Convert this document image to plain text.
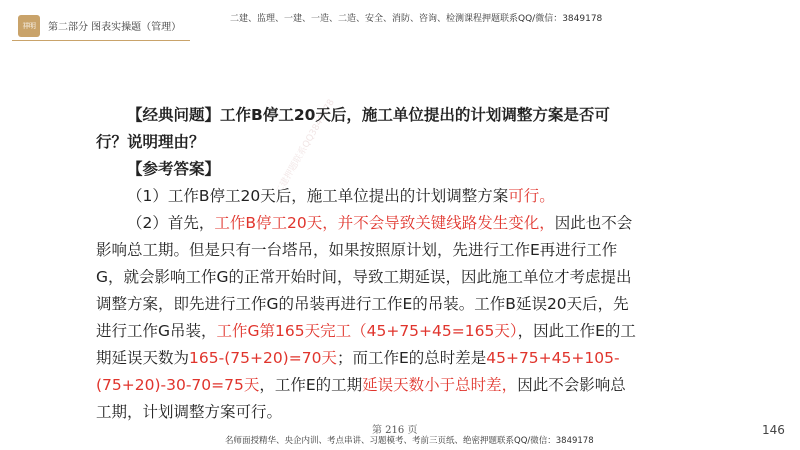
祥明	第二部分 图表实操题（管理）
二建、监理、一建、一造、二造、安全、消防、咨询、检测课程押题联系QQ/微信：3849178
二建押题联系QQ3849178

【经典问题】工作B停工20天后，施工单位提出的计划调整方案是否可行？说明理由？

【参考答案】

（1）工作B停工20天后，施工单位提出的计划调整方案可行。

（2）首先，工作B停工20天，并不会导致关键线路发生变化，因此也不会影响总工期。但是只有一台塔吊，如果按照原计划，先进行工作E再进行工作G，就会影响工作G的正常开始时间，导致工期延误，因此施工单位才考虑提出调整方案，即先进行工作G的吊装再进行工作E的吊装。工作B延误20天后，先进行工作G吊装，工作G第165天完工（45+75+45=165天），因此工作E的工期延误天数为165-(75+20)=70天；而工作E的总时差是45+75+45+105-(75+20)-30-70=75天，工作E的工期延误天数小于总时差，因此不会影响总工期，计划调整方案可行。

第 216 页	146
名师面授精华、央企内训、考点串讲、习题模考、考前三页纸、绝密押题联系QQ/微信：3849178
